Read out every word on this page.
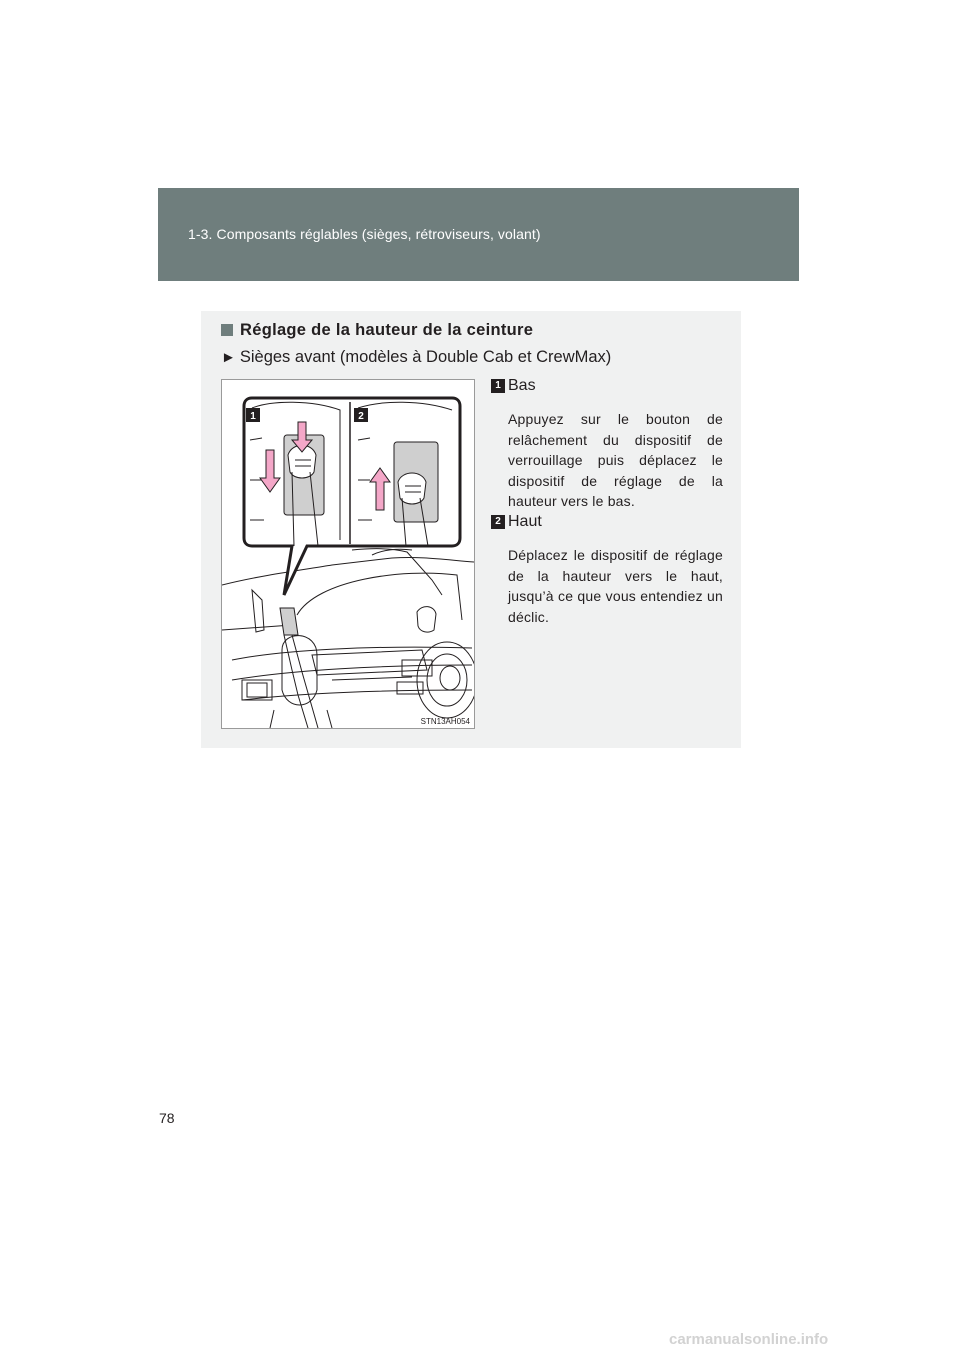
1-3. Composants réglables (sièges, rétroviseurs, volant)
Réglage de la hauteur de la ceinture
► Sièges avant (modèles à Double Cab et CrewMax)
1	2
STN13AH054
1 Bas
Appuyez sur le bouton de relâchement du dispositif de verrouillage puis déplacez le dispositif de réglage de la hauteur vers le bas.
2 Haut
Déplacez le dispositif de réglage de la hauteur vers le haut, jusqu’à ce que vous entendiez un déclic.
78
carmanualsonline.info
